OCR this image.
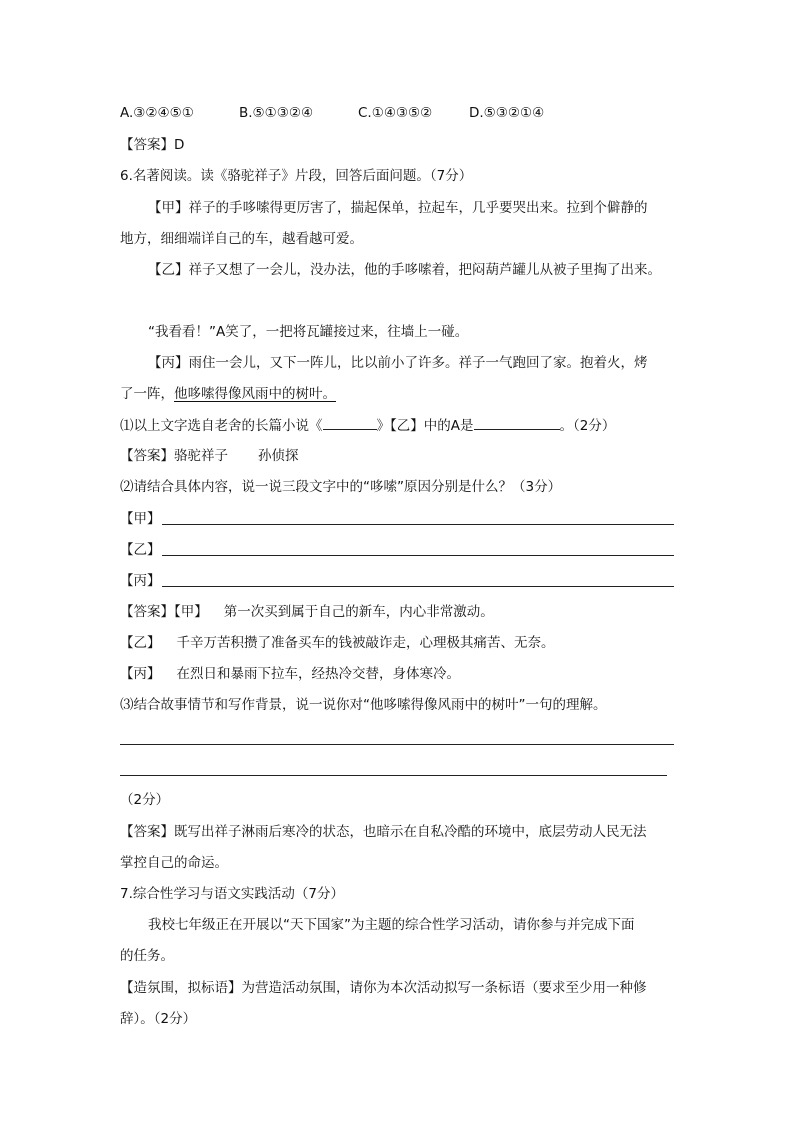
A.③②④⑤①	B.⑤①③②④	C.①④③⑤②	D.⑤③②①④
【答案】D
6.名著阅读。读《骆驼祥子》片段，回答后面问题。（7分）
【甲】祥子的手哆嗦得更厉害了，揣起保单，拉起车，几乎要哭出来。拉到个僻静的
地方，细细端详自己的车，越看越可爱。
【乙】祥子又想了一会儿，没办法，他的手哆嗦着，把闷葫芦罐儿从被子里掏了出来。
“我看看！”A笑了，一把将瓦罐接过来，往墙上一碰。
【丙】雨住一会儿，又下一阵儿，比以前小了许多。祥子一气跑回了家。抱着火，烤
了一阵，他哆嗦得像风雨中的树叶。
⑴以上文字选自老舍的长篇小说《	》【乙】中的A是	。（2分）
【答案】骆驼祥子 孙侦探
⑵请结合具体内容，说一说三段文字中的“哆嗦”原因分别是什么？（3分）
【甲】
【乙】
【丙】
【答案】【甲】 第一次买到属于自己的新车，内心非常激动。
【乙】 千辛万苦积攒了准备买车的钱被敲诈走，心理极其痛苦、无奈。
【丙】 在烈日和暴雨下拉车，经热冷交替，身体寒冷。
⑶结合故事情节和写作背景，说一说你对“他哆嗦得像风雨中的树叶”一句的理解。
（2分）
【答案】既写出祥子淋雨后寒冷的状态，也暗示在自私冷酷的环境中，底层劳动人民无法
掌控自己的命运。
7.综合性学习与语文实践活动（7分）
我校七年级正在开展以“天下国家”为主题的综合性学习活动，请你参与并完成下面
的任务。
【造氛围，拟标语】为营造活动氛围，请你为本次活动拟写一条标语（要求至少用一种修
辞）。（2分）
